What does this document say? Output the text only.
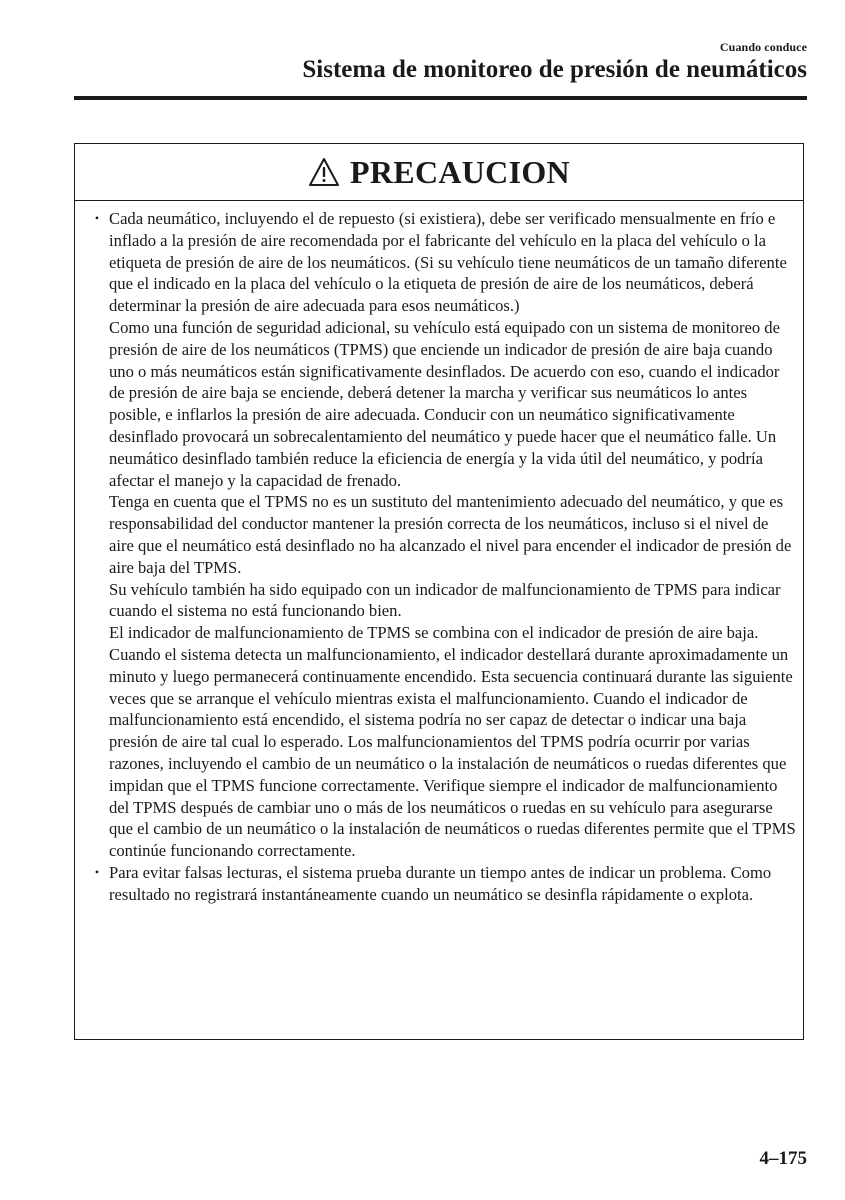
Cuando conduce
Sistema de monitoreo de presión de neumáticos
PRECAUCION
• Cada neumático, incluyendo el de repuesto (si existiera), debe ser verificado mensualmente en frío e inflado a la presión de aire recomendada por el fabricante del vehículo en la placa del vehículo o la etiqueta de presión de aire de los neumáticos. (Si su vehículo tiene neumáticos de un tamaño diferente que el indicado en la placa del vehículo o la etiqueta de presión de aire de los neumáticos, deberá determinar la presión de aire adecuada para esos neumáticos.)

Como una función de seguridad adicional, su vehículo está equipado con un sistema de monitoreo de presión de aire de los neumáticos (TPMS) que enciende un indicador de presión de aire baja cuando uno o más neumáticos están significativamente desinflados. De acuerdo con eso, cuando el indicador de presión de aire baja se enciende, deberá detener la marcha y verificar sus neumáticos lo antes posible, e inflarlos la presión de aire adecuada. Conducir con un neumático significativamente desinflado provocará un sobrecalentamiento del neumático y puede hacer que el neumático falle. Un neumático desinflado también reduce la eficiencia de energía y la vida útil del neumático, y podría afectar el manejo y la capacidad de frenado.

Tenga en cuenta que el TPMS no es un sustituto del mantenimiento adecuado del neumático, y que es responsabilidad del conductor mantener la presión correcta de los neumáticos, incluso si el nivel de aire que el neumático está desinflado no ha alcanzado el nivel para encender el indicador de presión de aire baja del TPMS.

Su vehículo también ha sido equipado con un indicador de malfuncionamiento de TPMS para indicar cuando el sistema no está funcionando bien.

El indicador de malfuncionamiento de TPMS se combina con el indicador de presión de aire baja. Cuando el sistema detecta un malfuncionamiento, el indicador destellará durante aproximadamente un minuto y luego permanecerá continuamente encendido. Esta secuencia continuará durante las siguiente veces que se arranque el vehículo mientras exista el malfuncionamiento. Cuando el indicador de malfuncionamiento está encendido, el sistema podría no ser capaz de detectar o indicar una baja presión de aire tal cual lo esperado. Los malfuncionamientos del TPMS podría ocurrir por varias razones, incluyendo el cambio de un neumático o la instalación de neumáticos o ruedas diferentes que impidan que el TPMS funcione correctamente. Verifique siempre el indicador de malfuncionamiento del TPMS después de cambiar uno o más de los neumáticos o ruedas en su vehículo para asegurarse que el cambio de un neumático o la instalación de neumáticos o ruedas diferentes permite que el TPMS continúe funcionando correctamente.

• Para evitar falsas lecturas, el sistema prueba durante un tiempo antes de indicar un problema. Como resultado no registrará instantáneamente cuando un neumático se desinfla rápidamente o explota.

4–175
